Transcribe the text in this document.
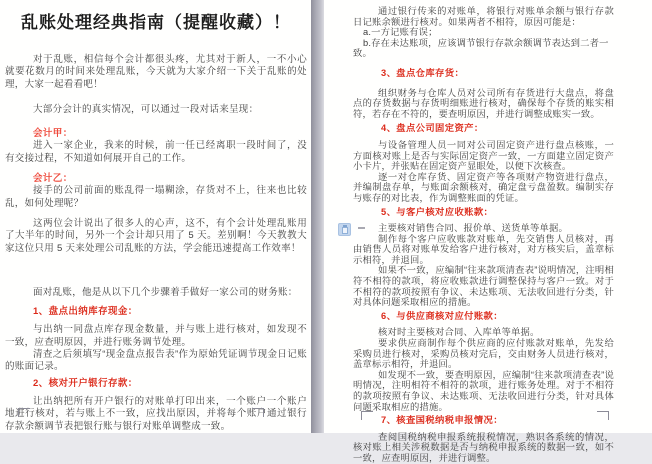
乱账处理经典指南（提醒收藏）！

对于乱账，相信每个会计都很头疼，尤其对于新人，一不小心就要花数月的时间来处理乱账，今天就为大家介绍一下关于乱账的处理，大家一起看看吧！

大部分会计的真实情况，可以通过一段对话来呈现：

会计甲：

进入一家企业，我来的时候，前一任已经离职一段时间了，没有交接过程，不知道如何展开自己的工作。

会计乙：

接手的公司前面的账乱得一塌糊涂，存货对不上，往来也比较乱，如何处理呢？

这两位会计说出了很多人的心声，这不，有个会计处理乱账用了大半年的时间，另外一个会计却只用了 5 天。差别啊！今天教教大家这位只用 5 天来处理公司乱账的方法，学会能迅速提高工作效率！

面对乱账，他是从以下几个步骤着手做好一家公司的财务账：

1、盘点出纳库存现金：

与出纳一同盘点库存现金数量，并与账上进行核对，如发现不一致，应查明原因，并进行账务调节处理。

清查之后须填写“现金盘点报告表”作为原始凭证调节现金日记账的账面记录。

2、核对开户银行存款：

让出纳把所有开户银行的对账单打印出来，一个账户一个账户地进行核对，若与账上不一致，应找出原因，并将每个账户通过银行存款余额调节表把银行账与银行对账单调整成一致。

通过银行传来的对账单，将银行对账单余额与银行存款日记账余额进行核对。如果两者不相符，原因可能是：

a.一方记账有误；

b.存在未达账项，应该调节银行存款余额调节表达到二者一致。

3、盘点仓库存货：

组织财务与仓库人员对公司所有存货进行大盘点，将盘点的存货数据与存货明细账进行核对，确保每个存货的账实相符，若存在不符的，要查明原因，并进行调整成账实一致。

4、盘点公司固定资产：

与设备管理人员一同对公司固定资产进行盘点核账，一方面核对账上是否与实际固定资产一致，一方面建立固定资产小卡片，并张贴在固定资产显眼处，以便下次核查。

逐一对仓库存货、固定资产等各项财产物资进行盘点，并编制盘存单，与账面余额核对，确定盘亏盘盈数。编制实存与账存的对比表，作为调整账面的凭证。

5、与客户核对应收账款：

主要核对销售合同、报价单、送货单等单据。

制作每个客户应收账款对账单，先交销售人员核对，再由销售人员将对账单发给客户进行核对，对方核实后，盖章标示相符，并退回。

如果不一致，应编制“往来款项清查表”说明情况，注明相符不相符的款项，将应收账款进行调整保持与客户一致。对于不相符的款项按照有争议、未达账项、无法收回进行分类，针对具体问题采取相应的措施。

6、与供应商核对应付账款：

核对时主要核对合同、入库单等单据。

要求供应商制作每个供应商的应付账款对账单，先发给采购员进行核对，采购员核对完后，交由财务人员进行核对，盖章标示相符，并退回。

如发现不一致，要查明原因，应编制“往来款项清查表”说明情况，注明相符不相符的款项，进行账务处理。对于不相符的款项按照有争议、未达账项、无法收回进行分类，针对具体问题采取相应的措施。

7、核查国税纳税申报情况：

查阅国税纳税申报系统报税情况，熟识各系统的情况，核对账上相关涉税数据是否与纳税申报系统的数据一致，如不一致，应查明原因，并进行调整。
